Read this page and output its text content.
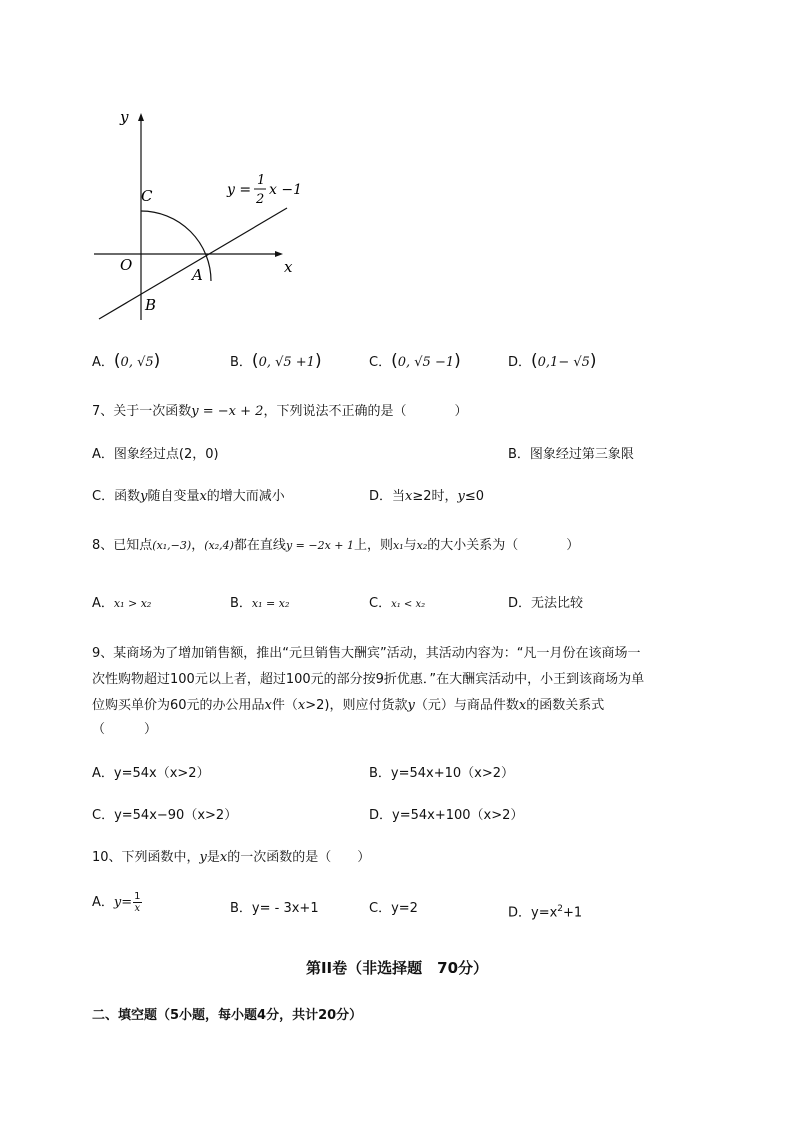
y
x
O
A
B
C	y =
1
2
x −1
A．(0, √5)	B．(0, √5 +1)	C．(0, √5 −1)	D．(0,1− √5)
7、关于一次函数y = −x + 2，下列说法不正确的是（	）
A．图象经过点(2，0)	B．图象经过第三象限
C．函数y随自变量x的增大而减小	D．当x≥2时，y≤0
8、已知点(x₁,−3)，(x₂,4)都在直线y = −2x + 1上，则x₁与x₂的大小关系为（	）
A．x₁ > x₂	B．x₁ = x₂	C．x₁ < x₂	D．无法比较
9、某商场为了增加销售额，推出“元旦销售大酬宾”活动，其活动内容为：“凡一月份在该商场一
次性购物超过100元以上者，超过100元的部分按9折优惠．”在大酬宾活动中，小王到该商场为单
位购买单价为60元的办公用品x件（x>2)，则应付货款y（元）与商品件数x的函数关系式
（　　　）
A．y=54x（x>2）	B．y=54x+10（x>2）
C．y=54x−90（x>2）	D．y=54x+100（x>2）
10、下列函数中，y是x的一次函数的是（　　）
A．$y= \frac{1}{x}$	B．y= - 3x+1	C．y=2	D．$y=x^2+1$
第II卷（非选择题　70分）
二、填空题（5小题，每小题4分，共计20分）
